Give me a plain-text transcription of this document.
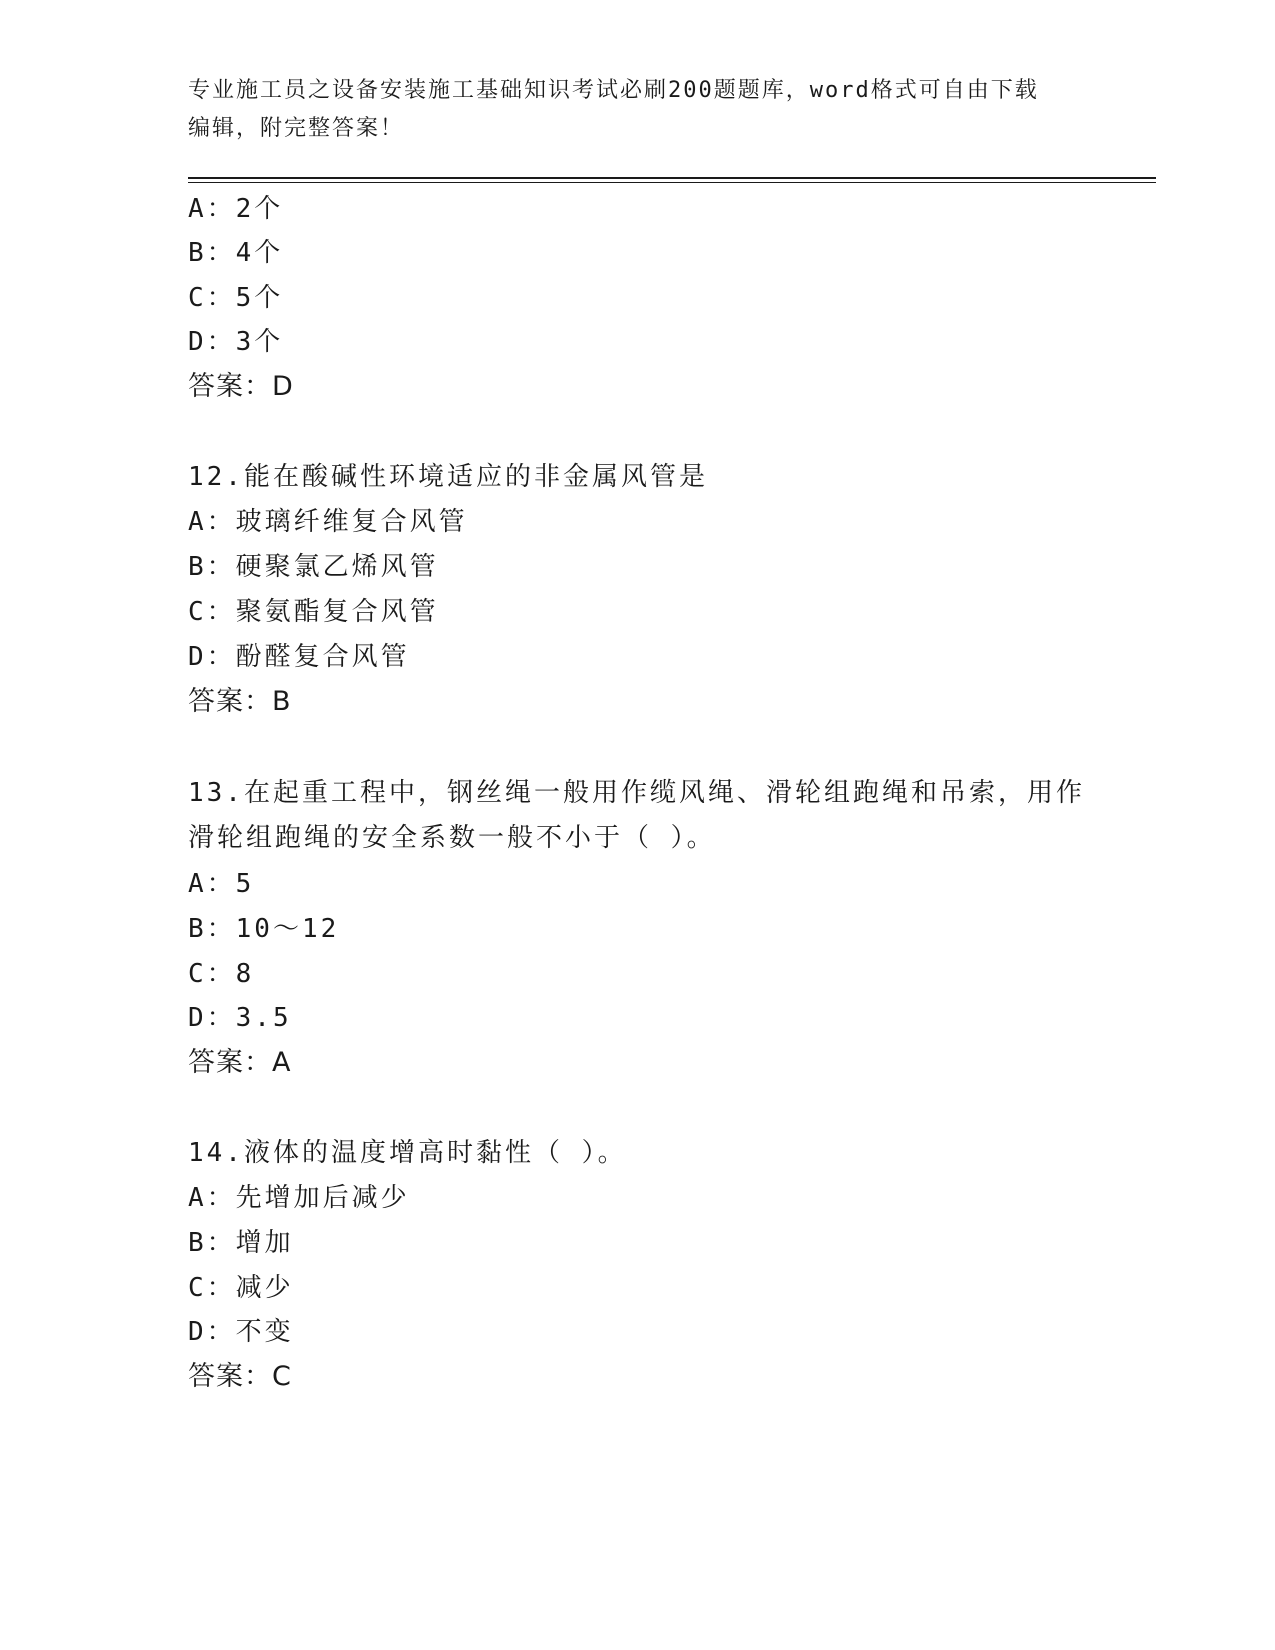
专业施工员之设备安装施工基础知识考试必刷200题题库，word格式可自由下载
编辑，附完整答案！
A：2个
B：4个
C：5个
D：3个
答案：D
12.能在酸碱性环境适应的非金属风管是
A：玻璃纤维复合风管
B：硬聚氯乙烯风管
C：聚氨酯复合风管
D：酚醛复合风管
答案：B
13.在起重工程中，钢丝绳一般用作缆风绳、滑轮组跑绳和吊索，用作
滑轮组跑绳的安全系数一般不小于（ ）。
A：5
B：10～12
C：8
D：3.5
答案：A
14.液体的温度增高时黏性（ ）。
A：先增加后减少
B：增加
C：减少
D：不变
答案：C
